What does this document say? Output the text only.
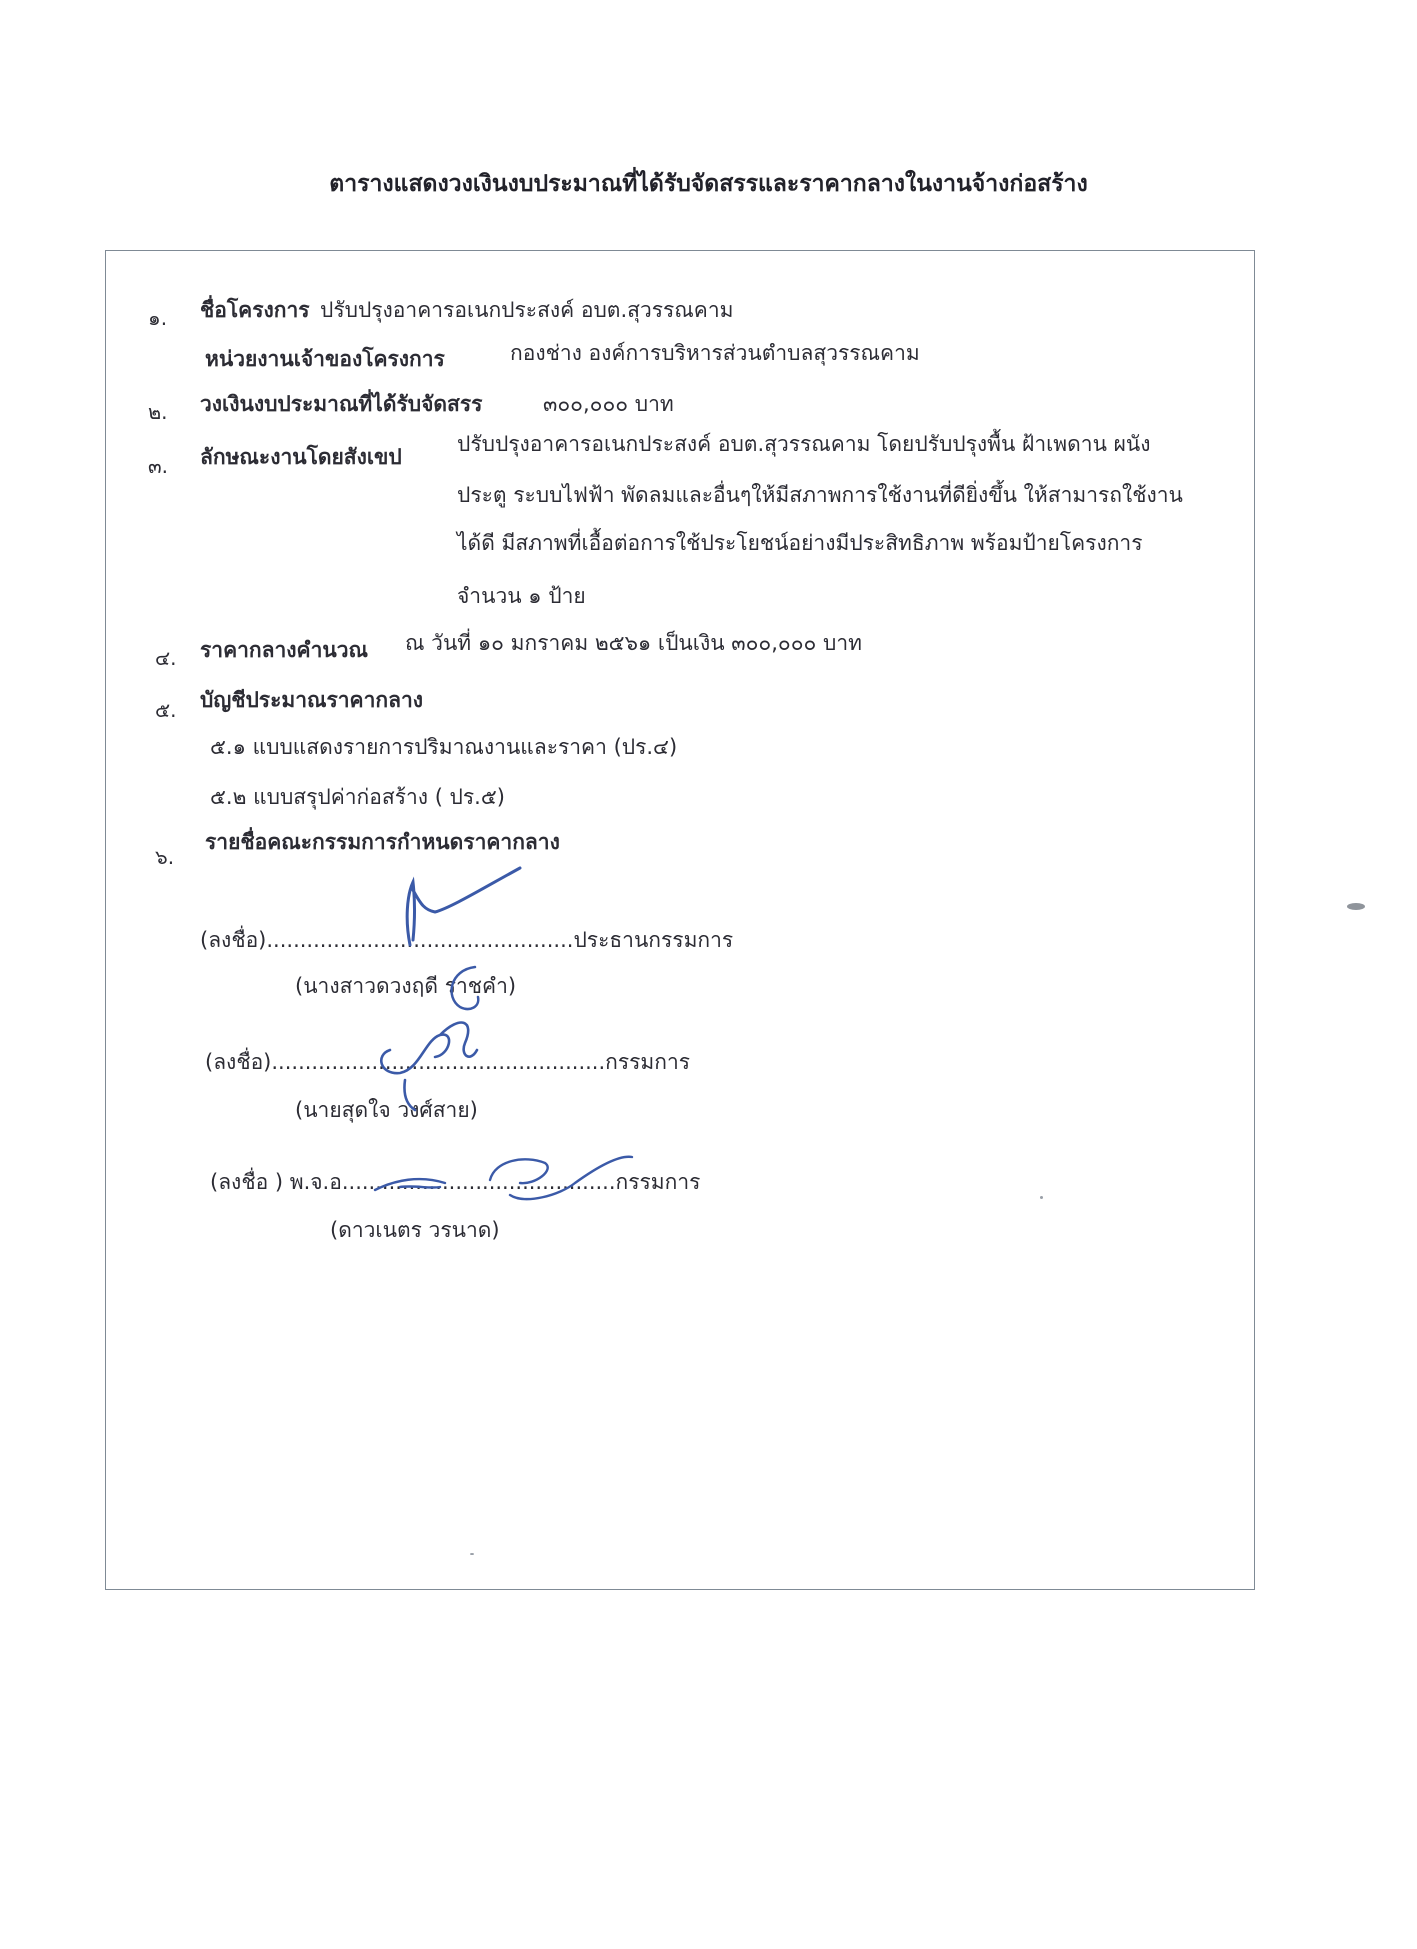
ตารางแสดงวงเงินงบประมาณที่ได้รับจัดสรรและราคากลางในงานจ้างก่อสร้าง
๑. ชื่อโครงการ ปรับปรุงอาคารอเนกประสงค์ อบต.สุวรรณคาม
หน่วยงานเจ้าของโครงการ	กองช่าง องค์การบริหารส่วนตำบลสุวรรณคาม
๒. วงเงินงบประมาณที่ได้รับจัดสรร	๓๐๐,๐๐๐ บาท
๓. ลักษณะงานโดยสังเขป
ปรับปรุงอาคารอเนกประสงค์ อบต.สุวรรณคาม โดยปรับปรุงพื้น ฝ้าเพดาน ผนัง
ประตู ระบบไฟฟ้า พัดลมและอื่นๆให้มีสภาพการใช้งานที่ดียิ่งขึ้น ให้สามารถใช้งาน
ได้ดี มีสภาพที่เอื้อต่อการใช้ประโยชน์อย่างมีประสิทธิภาพ พร้อมป้ายโครงการ
จำนวน ๑ ป้าย
๔. ราคากลางคำนวณ ณ วันที่ ๑๐ มกราคม ๒๕๖๑ เป็นเงิน ๓๐๐,๐๐๐ บาท
๕. บัญชีประมาณราคากลาง
๕.๑ แบบแสดงรายการปริมาณงานและราคา (ปร.๔)
๕.๒ แบบสรุปค่าก่อสร้าง ( ปร.๕)
๖.
รายชื่อคณะกรรมการกำหนดราคากลาง
(ลงชื่อ)..............................................ประธานกรรมการ
(นางสาวดวงฤดี ราชคำ)
(ลงชื่อ)..................................................กรรมการ
(นายสุดใจ วงศ์สาย)
(ลงชื่อ ) พ.จ.อ.........................................กรรมการ
(ดาวเนตร วรนาด)
